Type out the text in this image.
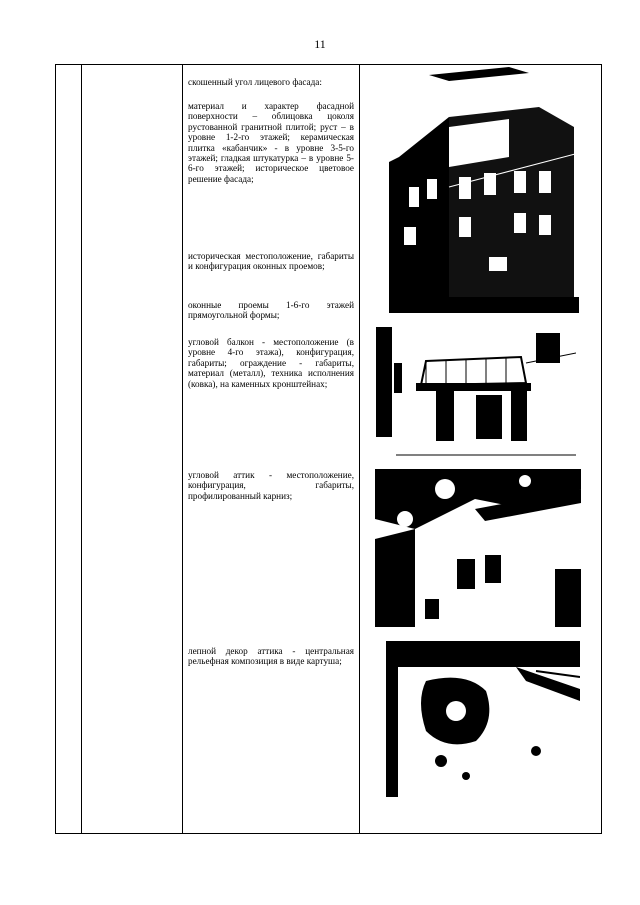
11
скошенный угол лицевого фасада:
материал и характер фасадной поверхности – облицовка цоколя рустованной гранитной плитой; руст – в уровне 1-2-го этажей; керамическая плитка «кабанчик» - в уровне 3-5-го этажей; гладкая штукатурка – в уровне 5-6-го этажей; историческое цветовое решение фасада;
историческая местоположение, габариты и конфигурация оконных проемов;
оконные проемы 1-6-го этажей прямоугольной формы;
угловой балкон - местоположение (в уровне 4-го этажа), конфигурация, габариты; ограждение - габариты, материал (металл), техника исполнения (ковка), на каменных кронштейнах;
угловой аттик - местоположение, конфигурация, габариты, профилированный карниз;
лепной декор аттика - центральная рельефная композиция в виде картуша;
